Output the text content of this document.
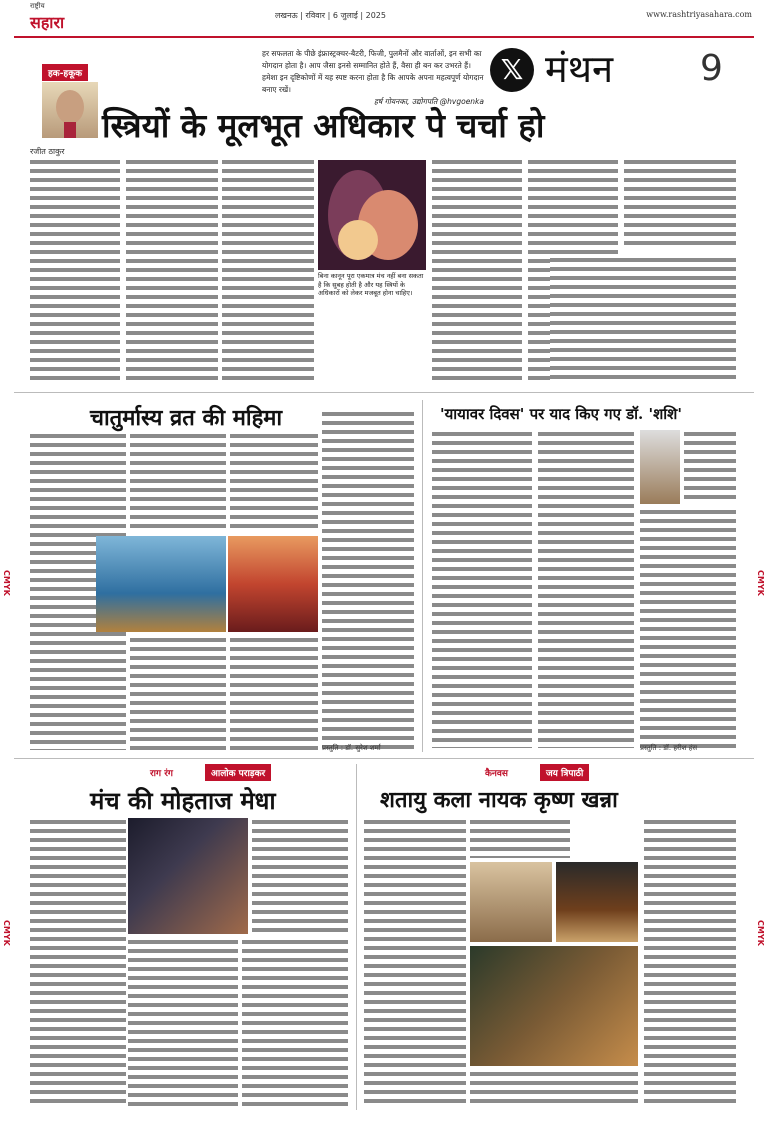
राष्ट्रीय
सहारा	लखनऊ | रविवार | 6 जुलाई | 2025	www.rashtriyasahara.com
हर सफलता के पीछे इंफ्रास्ट्रक्चर-बैटरी, फिजी, पुलमैनों और वार्ताओं, इन सभी का योगदान होता है। आप जैसा इनसे सम्मानित होते हैं, वैसा ही बन कर उभरते हैं। हमेशा इन दृष्टिकोणों में यह स्पष्ट करना होता है कि आपके अपना महत्वपूर्ण योगदान बनाए रखें।
हर्ष गोयनका, उद्योगपति @hvgoenka
𝕏 मंथन 9
हक-हकूक
स्त्रियों के मूलभूत अधिकार पे चर्चा हो
रजीत ठाकुर
बिना कानून पूरा एकमात्र मंच नहीं बना सकता है कि सुबह होती है और यह स्त्रियों के अधिकारों को लेकर मजबूत होना चाहिए।
चातुर्मास्य व्रत की महिमा
प्रस्तुति : डॉ. सुरेश शर्मा
'यायावर दिवस' पर याद किए गए डॉ. 'शशि'
प्रस्तुति : डॉ. हरीश हंस
राग रंग	आलोक पराड़कर
मंच की मोहताज मेधा
कैनवस	जय त्रिपाठी
शतायु कला नायक कृष्ण खन्ना
CMYK	CMYK
CMYK	CMYK
